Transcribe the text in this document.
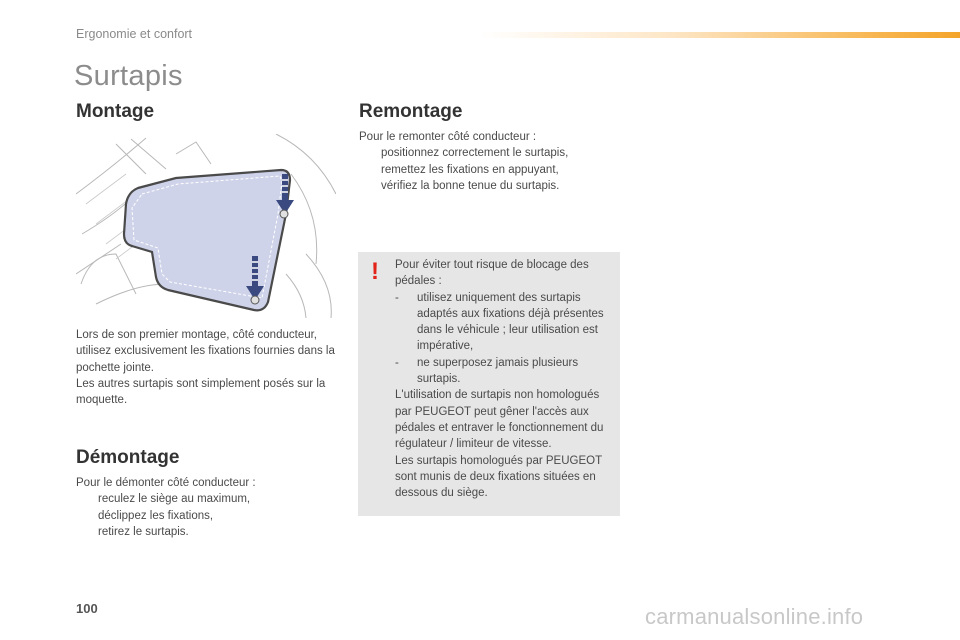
Ergonomie et confort
Surtapis
Montage

Lors de son premier montage, côté conducteur, utilisez exclusivement les fixations fournies dans la pochette jointe.

Les autres surtapis sont simplement posés sur la moquette.

Démontage

Pour le démonter côté conducteur :

reculez le siège au maximum,
déclippez les fixations,
retirez le surtapis.
Remontage

Pour le remonter côté conducteur :

positionnez correctement le surtapis,
remettez les fixations en appuyant,
vérifiez la bonne tenue du surtapis.
! Pour éviter tout risque de blocage des pédales :

-	utilisez uniquement des surtapis adaptés aux fixations déjà présentes dans le véhicule ; leur utilisation est impérative,
-	ne superposez jamais plusieurs surtapis.

L'utilisation de surtapis non homologués par PEUGEOT peut gêner l'accès aux pédales et entraver le fonctionnement du régulateur / limiteur de vitesse.

Les surtapis homologués par PEUGEOT sont munis de deux fixations situées en dessous du siège.

100	carmanualsonline.info
